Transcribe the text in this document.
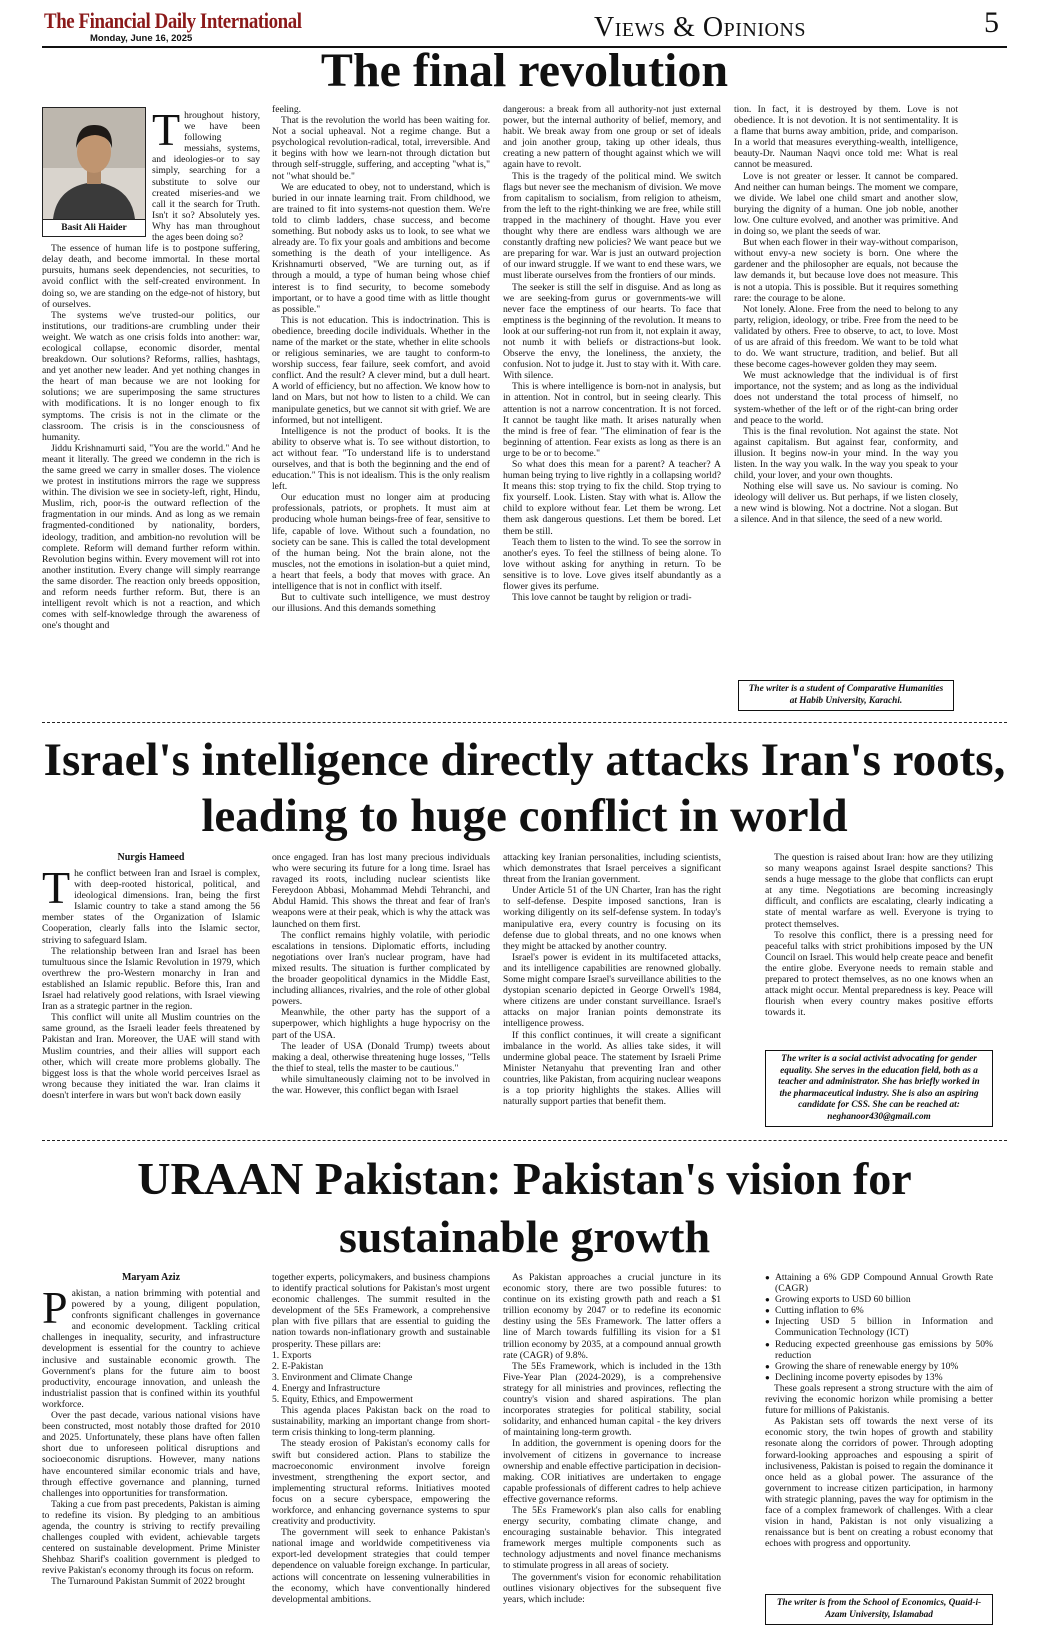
The Financial Daily International
Monday, June 16, 2025	Views & Opinions	5
The final revolution
Basit Ali Haider

Throughout history, we have been following messiahs, systems, and ideologies-or to say simply, searching for a substitute to solve our created miseries-and we call it the search for Truth. Isn't it so? Absolutely yes. Why has man throughout the ages been doing so?

The essence of human life is to postpone suffering, delay death, and become immortal. In these mortal pursuits, humans seek dependencies, not securities, to avoid conflict with the self-created environment. In doing so, we are standing on the edge-not of history, but of ourselves.

The systems we've trusted-our politics, our institutions, our traditions-are crumbling under their weight. We watch as one crisis folds into another: war, ecological collapse, economic disorder, mental breakdown. Our solutions? Reforms, rallies, hashtags, and yet another new leader. And yet nothing changes in the heart of man because we are not looking for solutions; we are superimposing the same structures with modifications. It is no longer enough to fix symptoms. The crisis is not in the climate or the classroom. The crisis is in the consciousness of humanity.

Jiddu Krishnamurti said, "You are the world." And he meant it literally. The greed we condemn in the rich is the same greed we carry in smaller doses. The violence we protest in institutions mirrors the rage we suppress within. The division we see in society-left, right, Hindu, Muslim, rich, poor-is the outward reflection of the fragmentation in our minds. And as long as we remain fragmented-conditioned by nationality, borders, ideology, tradition, and ambition-no revolution will be complete. Reform will demand further reform within. Revolution begins within. Every movement will rot into another institution. Every change will simply rearrange the same disorder. The reaction only breeds opposition, and reform needs further reform. But, there is an intelligent revolt which is not a reaction, and which comes with self-knowledge through the awareness of one's thought and

feeling.

That is the revolution the world has been waiting for. Not a social upheaval. Not a regime change. But a psychological revolution-radical, total, irreversible. And it begins with how we learn-not through dictation but through self-struggle, suffering, and accepting "what is," not "what should be."

We are educated to obey, not to understand, which is buried in our innate learning trait. From childhood, we are trained to fit into systems-not question them. We're told to climb ladders, chase success, and become something. But nobody asks us to look, to see what we already are. To fix your goals and ambitions and become something is the death of your intelligence. As Krishnamurti observed, "We are turning out, as if through a mould, a type of human being whose chief interest is to find security, to become somebody important, or to have a good time with as little thought as possible."

This is not education. This is indoctrination. This is obedience, breeding docile individuals. Whether in the name of the market or the state, whether in elite schools or religious seminaries, we are taught to conform-to worship success, fear failure, seek comfort, and avoid conflict. And the result? A clever mind, but a dull heart. A world of efficiency, but no affection. We know how to land on Mars, but not how to listen to a child. We can manipulate genetics, but we cannot sit with grief. We are informed, but not intelligent.

Intelligence is not the product of books. It is the ability to observe what is. To see without distortion, to act without fear. "To understand life is to understand ourselves, and that is both the beginning and the end of education." This is not idealism. This is the only realism left.

Our education must no longer aim at producing professionals, patriots, or prophets. It must aim at producing whole human beings-free of fear, sensitive to life, capable of love. Without such a foundation, no society can be sane. This is called the total development of the human being. Not the brain alone, not the muscles, not the emotions in isolation-but a quiet mind, a heart that feels, a body that moves with grace. An intelligence that is not in conflict with itself.

But to cultivate such intelligence, we must destroy our illusions. And this demands something

dangerous: a break from all authority-not just external power, but the internal authority of belief, memory, and habit. We break away from one group or set of ideals and join another group, taking up other ideals, thus creating a new pattern of thought against which we will again have to revolt.

This is the tragedy of the political mind. We switch flags but never see the mechanism of division. We move from capitalism to socialism, from religion to atheism, from the left to the right-thinking we are free, while still trapped in the machinery of thought. Have you ever thought why there are endless wars although we are constantly drafting new policies? We want peace but we are preparing for war. War is just an outward projection of our inward struggle. If we want to end these wars, we must liberate ourselves from the frontiers of our minds.

The seeker is still the self in disguise. And as long as we are seeking-from gurus or governments-we will never face the emptiness of our hearts. To face that emptiness is the beginning of the revolution. It means to look at our suffering-not run from it, not explain it away, not numb it with beliefs or distractions-but look. Observe the envy, the loneliness, the anxiety, the confusion. Not to judge it. Just to stay with it. With care. With silence.

This is where intelligence is born-not in analysis, but in attention. Not in control, but in seeing clearly. This attention is not a narrow concentration. It is not forced. It cannot be taught like math. It arises naturally when the mind is free of fear. "The elimination of fear is the beginning of attention. Fear exists as long as there is an urge to be or to become."

So what does this mean for a parent? A teacher? A human being trying to live rightly in a collapsing world? It means this: stop trying to fix the child. Stop trying to fix yourself. Look. Listen. Stay with what is. Allow the child to explore without fear. Let them be wrong. Let them ask dangerous questions. Let them be bored. Let them be still.

Teach them to listen to the wind. To see the sorrow in another's eyes. To feel the stillness of being alone. To love without asking for anything in return. To be sensitive is to love. Love gives itself abundantly as a flower gives its perfume.

This love cannot be taught by religion or tradi-

tion. In fact, it is destroyed by them. Love is not obedience. It is not devotion. It is not sentimentality. It is a flame that burns away ambition, pride, and comparison. In a world that measures everything-wealth, intelligence, beauty-Dr. Nauman Naqvi once told me: What is real cannot be measured.

Love is not greater or lesser. It cannot be compared. And neither can human beings. The moment we compare, we divide. We label one child smart and another slow, burying the dignity of a human. One job noble, another low. One culture evolved, and another was primitive. And in doing so, we plant the seeds of war.

But when each flower in their way-without comparison, without envy-a new society is born. One where the gardener and the philosopher are equals, not because the law demands it, but because love does not measure. This is not a utopia. This is possible. But it requires something rare: the courage to be alone.

Not lonely. Alone. Free from the need to belong to any party, religion, ideology, or tribe. Free from the need to be validated by others. Free to observe, to act, to love. Most of us are afraid of this freedom. We want to be told what to do. We want structure, tradition, and belief. But all these become cages-however golden they may seem.

We must acknowledge that the individual is of first importance, not the system; and as long as the individual does not understand the total process of himself, no system-whether of the left or of the right-can bring order and peace to the world.

This is the final revolution. Not against the state. Not against capitalism. But against fear, conformity, and illusion. It begins now-in your mind. In the way you listen. In the way you walk. In the way you speak to your child, your lover, and your own thoughts.

Nothing else will save us. No saviour is coming. No ideology will deliver us. But perhaps, if we listen closely, a new wind is blowing. Not a doctrine. Not a slogan. But a silence. And in that silence, the seed of a new world.

The writer is a student of Comparative Humanities at Habib University, Karachi.
Israel's intelligence directly attacks Iran's roots, leading to huge conflict in world
Nurgis Hameed

The conflict between Iran and Israel is complex, with deep-rooted historical, political, and ideological dimensions. Iran, being the first Islamic country to take a stand among the 56 member states of the Organization of Islamic Cooperation, clearly falls into the Islamic sector, striving to safeguard Islam.

The relationship between Iran and Israel has been tumultuous since the Islamic Revolution in 1979, which overthrew the pro-Western monarchy in Iran and established an Islamic republic. Before this, Iran and Israel had relatively good relations, with Israel viewing Iran as a strategic partner in the region.

This conflict will unite all Muslim countries on the same ground, as the Israeli leader feels threatened by Pakistan and Iran. Moreover, the UAE will stand with Muslim countries, and their allies will support each other, which will create more problems globally. The biggest loss is that the whole world perceives Israel as wrong because they initiated the war. Iran claims it doesn't interfere in wars but won't back down easily

once engaged. Iran has lost many precious individuals who were securing its future for a long time. Israel has ravaged its roots, including nuclear scientists like Fereydoon Abbasi, Mohammad Mehdi Tehranchi, and Abdul Hamid. This shows the threat and fear of Iran's weapons were at their peak, which is why the attack was launched on them first.

The conflict remains highly volatile, with periodic escalations in tensions. Diplomatic efforts, including negotiations over Iran's nuclear program, have had mixed results. The situation is further complicated by the broader geopolitical dynamics in the Middle East, including alliances, rivalries, and the role of other global powers.

Meanwhile, the other party has the support of a superpower, which highlights a huge hypocrisy on the part of the USA.

The leader of USA (Donald Trump) tweets about making a deal, otherwise threatening huge losses, "Tells the thief to steal, tells the master to be cautious."

while simultaneously claiming not to be involved in the war. However, this conflict began with Israel

attacking key Iranian personalities, including scientists, which demonstrates that Israel perceives a significant threat from the Iranian government.

Under Article 51 of the UN Charter, Iran has the right to self-defense. Despite imposed sanctions, Iran is working diligently on its self-defense system. In today's manipulative era, every country is focusing on its defense due to global threats, and no one knows when they might be attacked by another country.

Israel's power is evident in its multifaceted attacks, and its intelligence capabilities are renowned globally. Some might compare Israel's surveillance abilities to the dystopian scenario depicted in George Orwell's 1984, where citizens are under constant surveillance. Israel's attacks on major Iranian points demonstrate its intelligence prowess.

If this conflict continues, it will create a significant imbalance in the world. As allies take sides, it will undermine global peace. The statement by Israeli Prime Minister Netanyahu that preventing Iran and other countries, like Pakistan, from acquiring nuclear weapons is a top priority highlights the stakes. Allies will naturally support parties that benefit them.

The question is raised about Iran: how are they utilizing so many weapons against Israel despite sanctions? This sends a huge message to the globe that conflicts can erupt at any time. Negotiations are becoming increasingly difficult, and conflicts are escalating, clearly indicating a state of mental warfare as well. Everyone is trying to protect themselves.

To resolve this conflict, there is a pressing need for peaceful talks with strict prohibitions imposed by the UN Council on Israel. This would help create peace and benefit the entire globe. Everyone needs to remain stable and prepared to protect themselves, as no one knows when an attack might occur. Mental preparedness is key. Peace will flourish when every country makes positive efforts towards it.

The writer is a social activist advocating for gender equality. She serves in the education field, both as a teacher and administrator. She has briefly worked in the pharmaceutical industry. She is also an aspiring candidate for CSS. She can be reached at: neghanoor430@gmail.com
URAAN Pakistan: Pakistan's vision for sustainable growth
Maryam Aziz

Pakistan, a nation brimming with potential and powered by a young, diligent population, confronts significant challenges in governance and economic development. Tackling critical challenges in inequality, security, and infrastructure development is essential for the country to achieve inclusive and sustainable economic growth. The Government's plans for the future aim to boost productivity, encourage innovation, and unleash the industrialist passion that is confined within its youthful workforce.

Over the past decade, various national visions have been constructed, most notably those drafted for 2010 and 2025. Unfortunately, these plans have often fallen short due to unforeseen political disruptions and socioeconomic disruptions. However, many nations have encountered similar economic trials and have, through effective governance and planning, turned challenges into opportunities for transformation.

Taking a cue from past precedents, Pakistan is aiming to redefine its vision. By pledging to an ambitious agenda, the country is striving to rectify prevailing challenges coupled with evident, achievable targets centered on sustainable development. Prime Minister Shehbaz Sharif's coalition government is pledged to revive Pakistan's economy through its focus on reform.

The Turnaround Pakistan Summit of 2022 brought

together experts, policymakers, and business champions to identify practical solutions for Pakistan's most urgent economic challenges. The summit resulted in the development of the 5Es Framework, a comprehensive plan with five pillars that are essential to guiding the nation towards non-inflationary growth and sustainable prosperity. These pillars are:

1. Exports

2. E-Pakistan

3. Environment and Climate Change

4. Energy and Infrastructure

5. Equity, Ethics, and Empowerment

This agenda places Pakistan back on the road to sustainability, marking an important change from short-term crisis thinking to long-term planning.

The steady erosion of Pakistan's economy calls for swift but considered action. Plans to stabilize the macroeconomic environment involve foreign investment, strengthening the export sector, and implementing structural reforms. Initiatives mooted focus on a secure cyberspace, empowering the workforce, and enhancing governance systems to spur creativity and productivity.

The government will seek to enhance Pakistan's national image and worldwide competitiveness via export-led development strategies that could temper dependence on valuable foreign exchange. In particular, actions will concentrate on lessening vulnerabilities in the economy, which have conventionally hindered developmental ambitions.

As Pakistan approaches a crucial juncture in its economic story, there are two possible futures: to continue on its existing growth path and reach a $1 trillion economy by 2047 or to redefine its economic destiny using the 5Es Framework. The latter offers a line of March towards fulfilling its vision for a $1 trillion economy by 2035, at a compound annual growth rate (CAGR) of 9.8%.

The 5Es Framework, which is included in the 13th Five-Year Plan (2024-2029), is a comprehensive strategy for all ministries and provinces, reflecting the country's vision and shared aspirations. The plan incorporates strategies for political stability, social solidarity, and enhanced human capital - the key drivers of maintaining long-term growth.

In addition, the government is opening doors for the involvement of citizens in governance to increase ownership and enable effective participation in decision-making. COR initiatives are undertaken to engage capable professionals of different cadres to help achieve effective governance reforms.

The 5Es Framework's plan also calls for enabling energy security, combating climate change, and encouraging sustainable behavior. This integrated framework merges multiple components such as technology adjustments and novel finance mechanisms to stimulate progress in all areas of society.

The government's vision for economic rehabilitation outlines visionary objectives for the subsequent five years, which include:

● Attaining a 6% GDP Compound Annual Growth Rate (CAGR)
● Growing exports to USD 60 billion
● Cutting inflation to 6%
● Injecting USD 5 billion in Information and Communication Technology (ICT)
● Reducing expected greenhouse gas emissions by 50% reduction
● Growing the share of renewable energy by 10%
● Declining income poverty episodes by 13%

These goals represent a strong structure with the aim of reviving the economic horizon while promising a better future for millions of Pakistanis.

As Pakistan sets off towards the next verse of its economic story, the twin hopes of growth and stability resonate along the corridors of power. Through adopting forward-looking approaches and espousing a spirit of inclusiveness, Pakistan is poised to regain the dominance it once held as a global power. The assurance of the government to increase citizen participation, in harmony with strategic planning, paves the way for optimism in the face of a complex framework of challenges. With a clear vision in hand, Pakistan is not only visualizing a renaissance but is bent on creating a robust economy that echoes with progress and opportunity.

The writer is from the School of Economics, Quaid-i-Azam University, Islamabad
